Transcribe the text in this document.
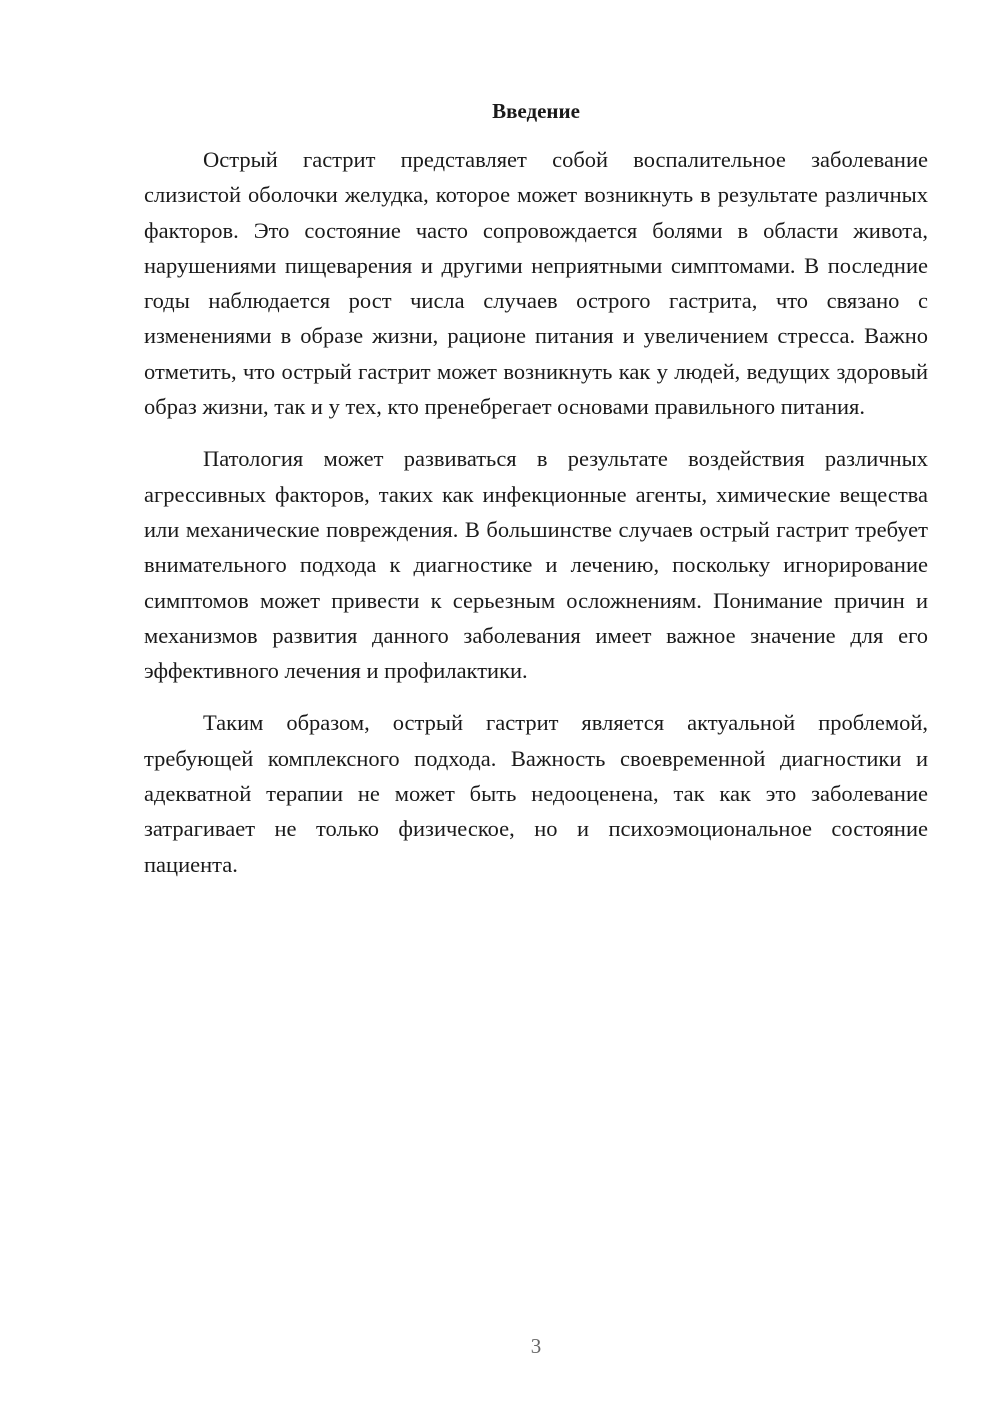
Введение

Острый гастрит представляет собой воспалительное заболевание слизистой оболочки желудка, которое может возникнуть в результате различных факторов. Это состояние часто сопровождается болями в области живота, нарушениями пищеварения и другими неприятными симптомами. В последние годы наблюдается рост числа случаев острого гастрита, что связано с изменениями в образе жизни, рационе питания и увеличением стресса. Важно отметить, что острый гастрит может возникнуть как у людей, ведущих здоровый образ жизни, так и у тех, кто пренебрегает основами правильного питания.

Патология может развиваться в результате воздействия различных агрессивных факторов, таких как инфекционные агенты, химические вещества или механические повреждения. В большинстве случаев острый гастрит требует внимательного подхода к диагностике и лечению, поскольку игнорирование симптомов может привести к серьезным осложнениям. Понимание причин и механизмов развития данного заболевания имеет важное значение для его эффективного лечения и профилактики.

Таким образом, острый гастрит является актуальной проблемой, требующей комплексного подхода. Важность своевременной диагностики и адекватной терапии не может быть недооценена, так как это заболевание затрагивает не только физическое, но и психоэмоциональное состояние пациента.

3
